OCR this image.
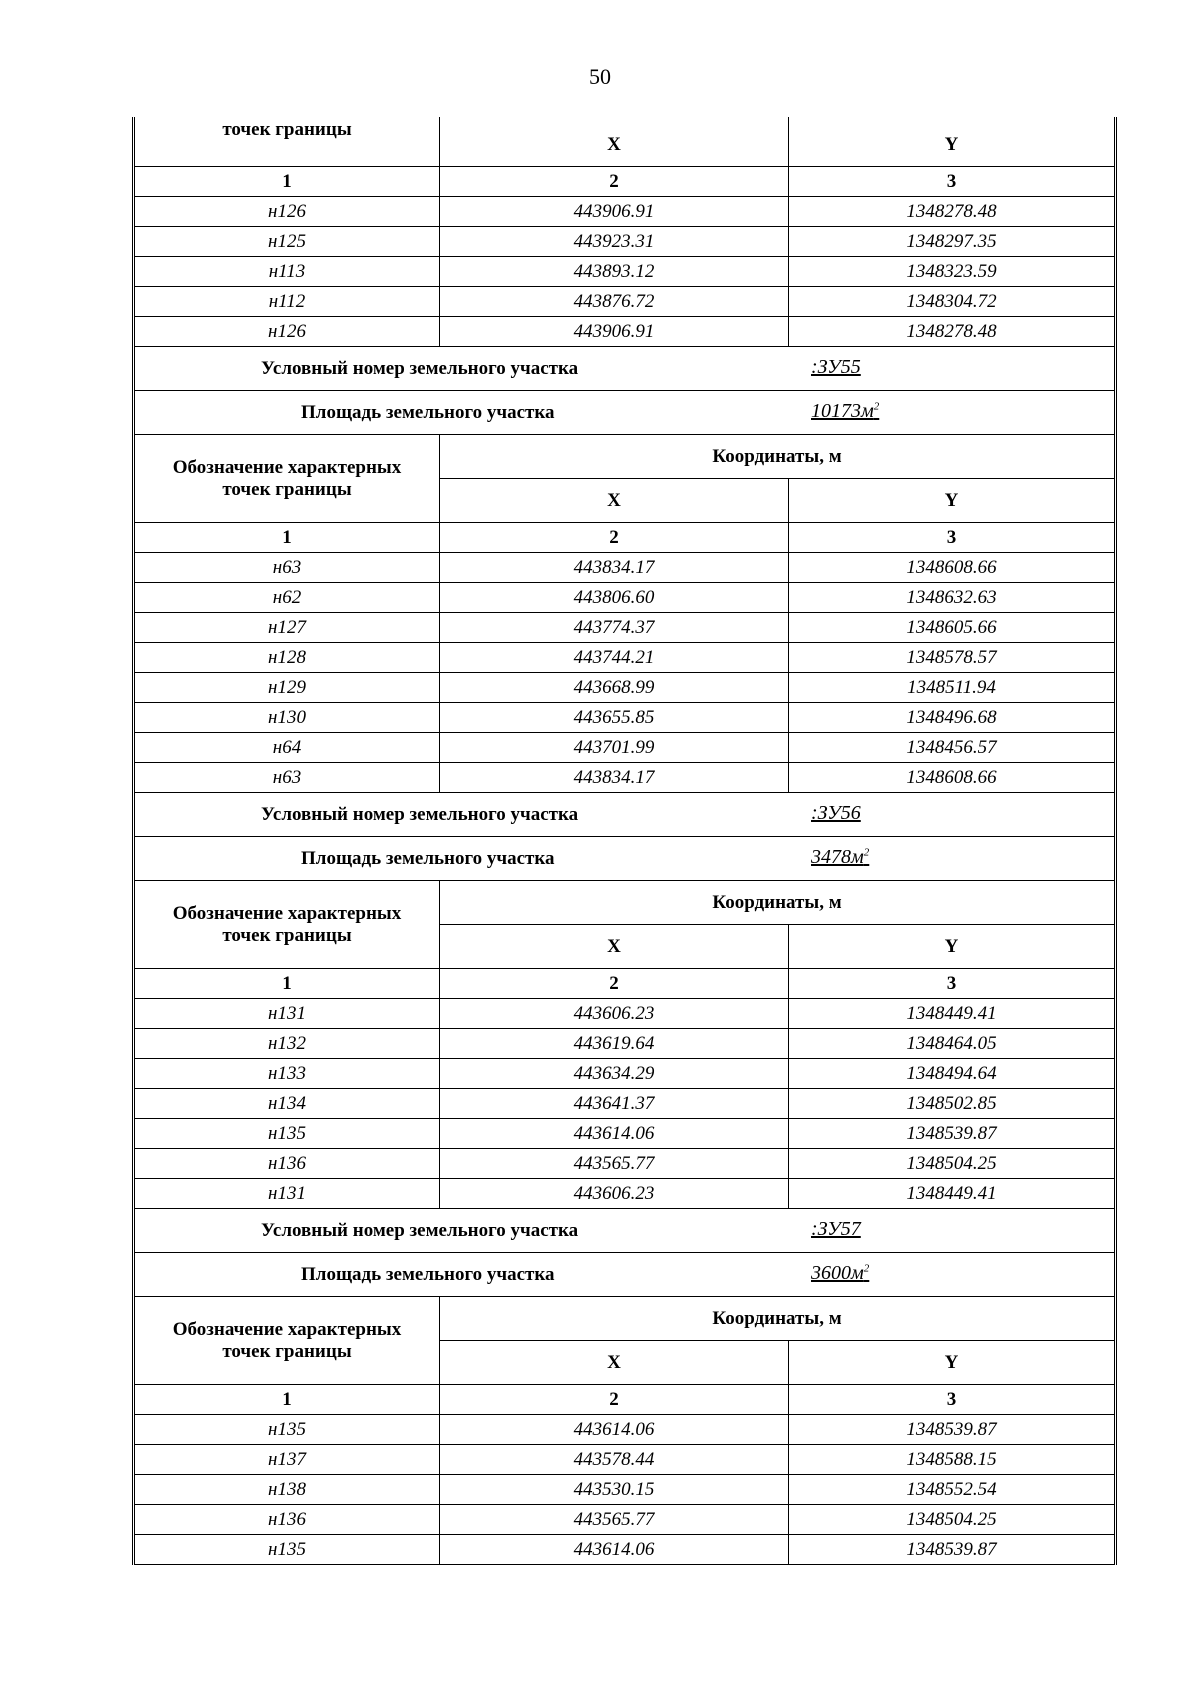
50
точек границы	X	Y
1	2	3
н126	443906.91	1348278.48
н125	443923.31	1348297.35
н113	443893.12	1348323.59
н112	443876.72	1348304.72
н126	443906.91	1348278.48

Условный номер земельного участка :ЗУ55		

Площадь земельного участка $10173м^2$

Обозначение характерных
точек границы	Координаты, м	
	X	Y
1	2	3
н63	443834.17	1348608.66
н62	443806.60	1348632.63
н127	443774.37	1348605.66
н128	443744.21	1348578.57
н129	443668.99	1348511.94
н130	443655.85	1348496.68
н64	443701.99	1348456.57
н63	443834.17	1348608.66

Условный номер земельного участка :ЗУ56		

Площадь земельного участка $3478м^2$

Обозначение характерных
точек границы	Координаты, м	
	X	Y
1	2	3
н131	443606.23	1348449.41
н132	443619.64	1348464.05
н133	443634.29	1348494.64
н134	443641.37	1348502.85
н135	443614.06	1348539.87
н136	443565.77	1348504.25
н131	443606.23	1348449.41

Условный номер земельного участка :ЗУ57		

Площадь земельного участка $3600м^2$

Обозначение характерных
точек границы	Координаты, м	
	X	Y
1	2	3
н135	443614.06	1348539.87
н137	443578.44	1348588.15
н138	443530.15	1348552.54
н136	443565.77	1348504.25
н135	443614.06	1348539.87
